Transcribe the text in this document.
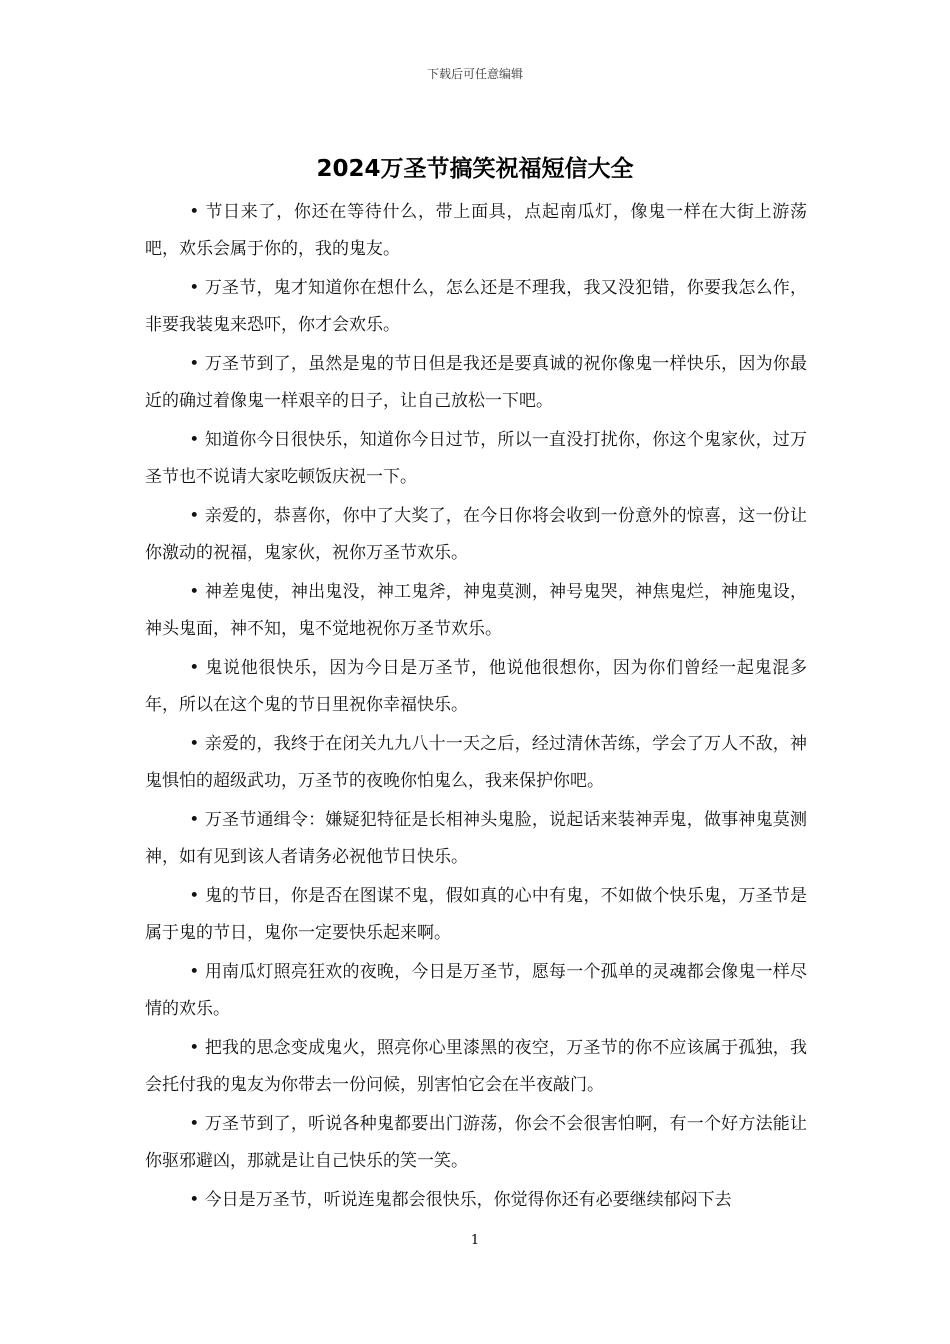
下载后可任意编辑
2024万圣节搞笑祝福短信大全

• 节日来了，你还在等待什么，带上面具，点起南瓜灯，像鬼一样在大街上游荡吧，欢乐会属于你的，我的鬼友。

• 万圣节，鬼才知道你在想什么，怎么还是不理我，我又没犯错，你要我怎么作，非要我装鬼来恐吓，你才会欢乐。

• 万圣节到了，虽然是鬼的节日但是我还是要真诚的祝你像鬼一样快乐，因为你最近的确过着像鬼一样艰辛的日子，让自己放松一下吧。

• 知道你今日很快乐，知道你今日过节，所以一直没打扰你，你这个鬼家伙，过万圣节也不说请大家吃顿饭庆祝一下。

• 亲爱的，恭喜你，你中了大奖了，在今日你将会收到一份意外的惊喜，这一份让你激动的祝福，鬼家伙，祝你万圣节欢乐。

• 神差鬼使，神出鬼没，神工鬼斧，神鬼莫测，神号鬼哭，神焦鬼烂，神施鬼设，神头鬼面，神不知，鬼不觉地祝你万圣节欢乐。

• 鬼说他很快乐，因为今日是万圣节，他说他很想你，因为你们曾经一起鬼混多年，所以在这个鬼的节日里祝你幸福快乐。

• 亲爱的，我终于在闭关九九八十一天之后，经过清休苦练，学会了万人不敌，神鬼惧怕的超级武功，万圣节的夜晚你怕鬼么，我来保护你吧。

• 万圣节通缉令：嫌疑犯特征是长相神头鬼脸，说起话来装神弄鬼，做事神鬼莫测神，如有见到该人者请务必祝他节日快乐。

• 鬼的节日，你是否在图谋不鬼，假如真的心中有鬼，不如做个快乐鬼，万圣节是属于鬼的节日，鬼你一定要快乐起来啊。

• 用南瓜灯照亮狂欢的夜晚，今日是万圣节，愿每一个孤单的灵魂都会像鬼一样尽情的欢乐。

• 把我的思念变成鬼火，照亮你心里漆黑的夜空，万圣节的你不应该属于孤独，我会托付我的鬼友为你带去一份问候，别害怕它会在半夜敲门。

• 万圣节到了，听说各种鬼都要出门游荡，你会不会很害怕啊，有一个好方法能让你驱邪避凶，那就是让自己快乐的笑一笑。

• 今日是万圣节，听说连鬼都会很快乐，你觉得你还有必要继续郁闷下去

1
